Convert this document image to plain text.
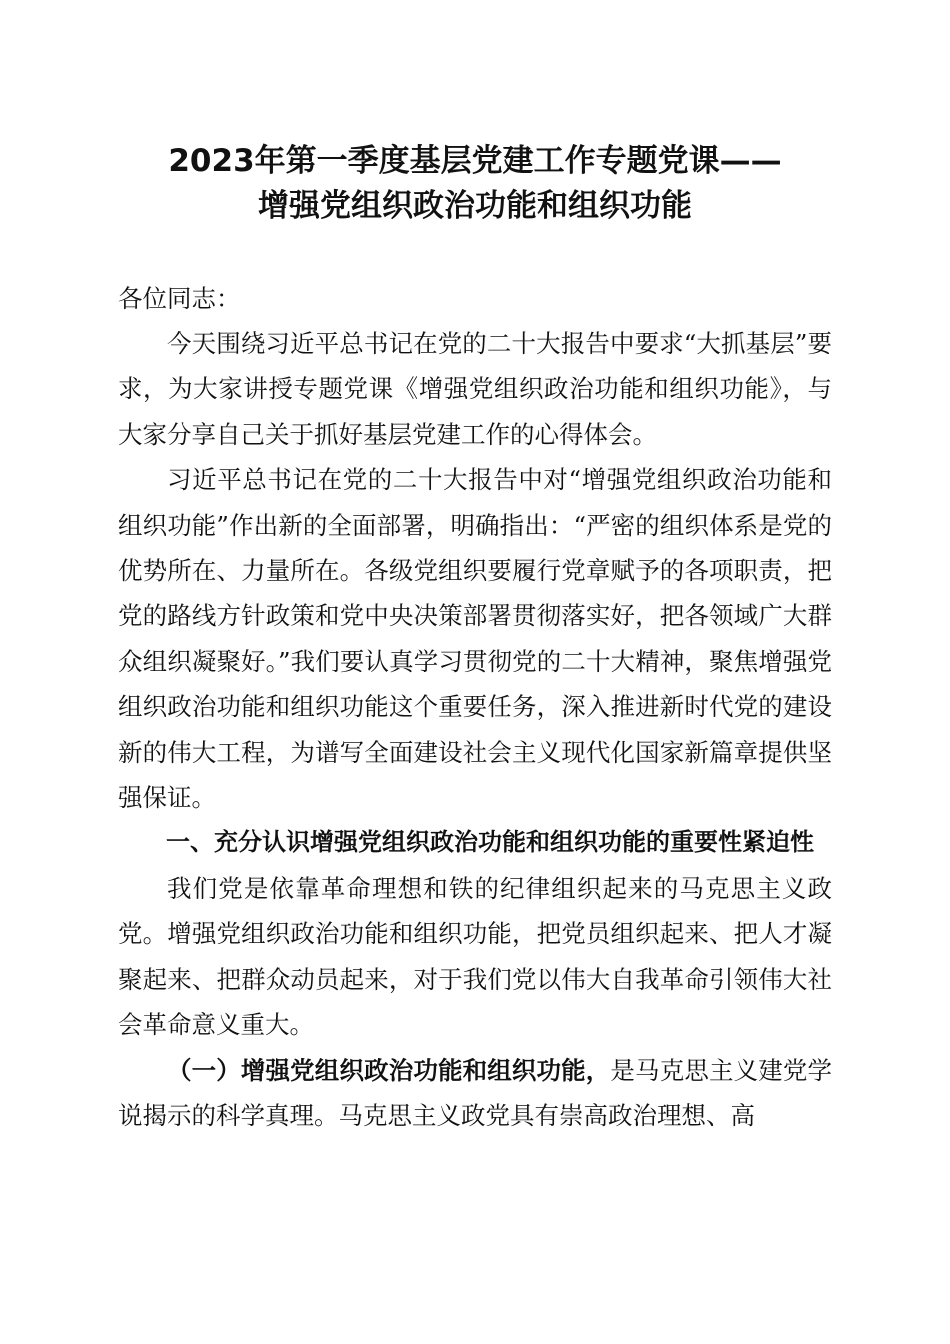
2023年第一季度基层党建工作专题党课——
增强党组织政治功能和组织功能
各位同志：

今天围绕习近平总书记在党的二十大报告中要求“大抓基层”要求，为大家讲授专题党课《增强党组织政治功能和组织功能》，与大家分享自己关于抓好基层党建工作的心得体会。

习近平总书记在党的二十大报告中对“增强党组织政治功能和组织功能”作出新的全面部署，明确指出：“严密的组织体系是党的优势所在、力量所在。各级党组织要履行党章赋予的各项职责，把党的路线方针政策和党中央决策部署贯彻落实好，把各领域广大群众组织凝聚好。”我们要认真学习贯彻党的二十大精神，聚焦增强党组织政治功能和组织功能这个重要任务，深入推进新时代党的建设新的伟大工程，为谱写全面建设社会主义现代化国家新篇章提供坚强保证。

一、充分认识增强党组织政治功能和组织功能的重要性紧迫性

我们党是依靠革命理想和铁的纪律组织起来的马克思主义政党。增强党组织政治功能和组织功能，把党员组织起来、把人才凝聚起来、把群众动员起来，对于我们党以伟大自我革命引领伟大社会革命意义重大。

（一）增强党组织政治功能和组织功能，是马克思主义建党学说揭示的科学真理。马克思主义政党具有崇高政治理想、高
